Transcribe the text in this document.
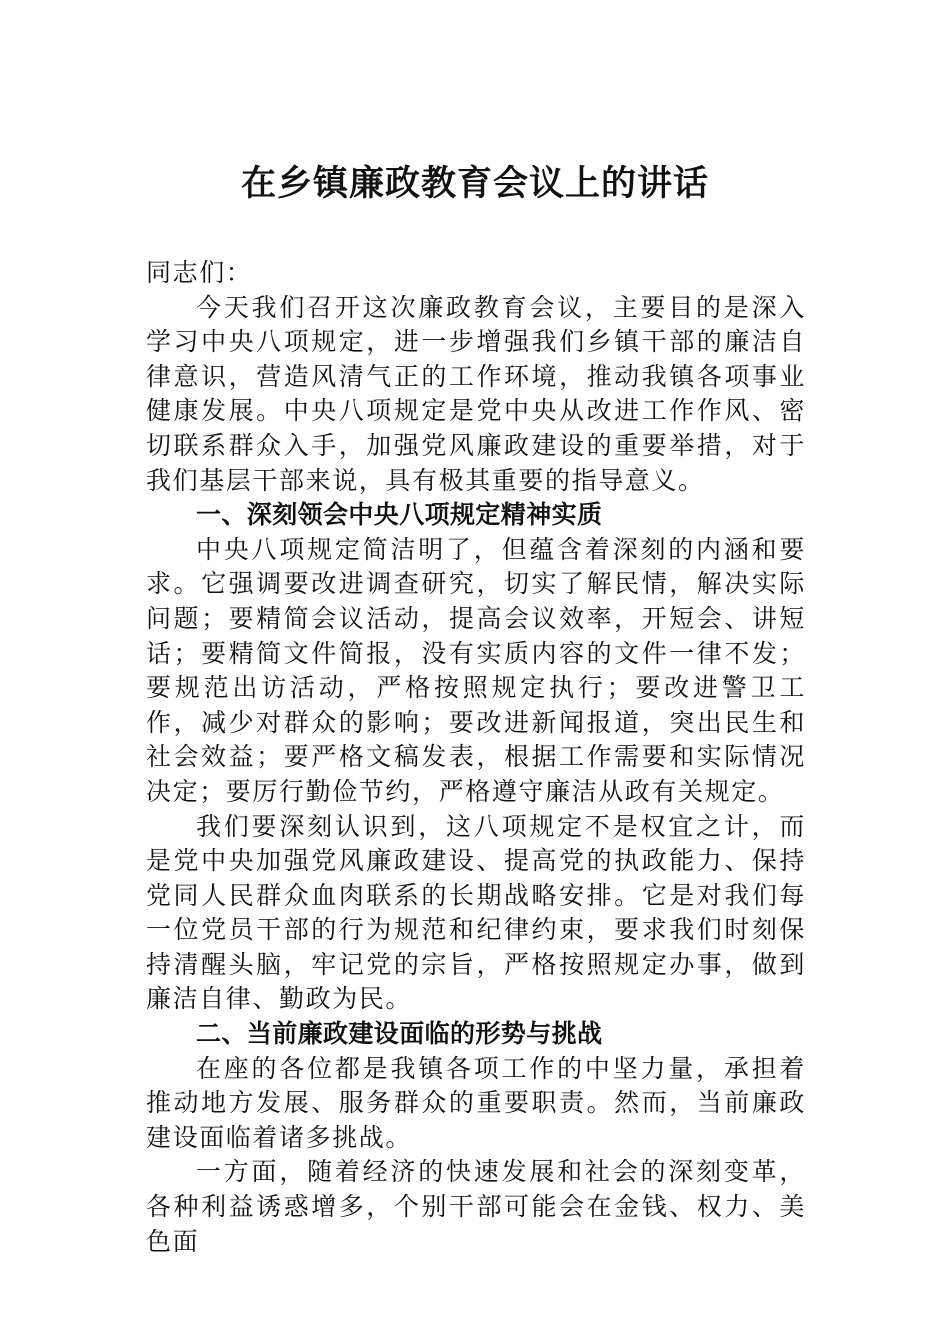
在乡镇廉政教育会议上的讲话

同志们：

今天我们召开这次廉政教育会议，主要目的是深入学习中央八项规定，进一步增强我们乡镇干部的廉洁自律意识，营造风清气正的工作环境，推动我镇各项事业健康发展。中央八项规定是党中央从改进工作作风、密切联系群众入手，加强党风廉政建设的重要举措，对于我们基层干部来说，具有极其重要的指导意义。

一、深刻领会中央八项规定精神实质

中央八项规定简洁明了，但蕴含着深刻的内涵和要求。它强调要改进调查研究，切实了解民情，解决实际问题；要精简会议活动，提高会议效率，开短会、讲短话；要精简文件简报，没有实质内容的文件一律不发；要规范出访活动，严格按照规定执行；要改进警卫工作，减少对群众的影响；要改进新闻报道，突出民生和社会效益；要严格文稿发表，根据工作需要和实际情况决定；要厉行勤俭节约，严格遵守廉洁从政有关规定。

我们要深刻认识到，这八项规定不是权宜之计，而是党中央加强党风廉政建设、提高党的执政能力、保持党同人民群众血肉联系的长期战略安排。它是对我们每一位党员干部的行为规范和纪律约束，要求我们时刻保持清醒头脑，牢记党的宗旨，严格按照规定办事，做到廉洁自律、勤政为民。

二、当前廉政建设面临的形势与挑战

在座的各位都是我镇各项工作的中坚力量，承担着推动地方发展、服务群众的重要职责。然而，当前廉政建设面临着诸多挑战。

一方面，随着经济的快速发展和社会的深刻变革，各种利益诱惑增多，个别干部可能会在金钱、权力、美色面
